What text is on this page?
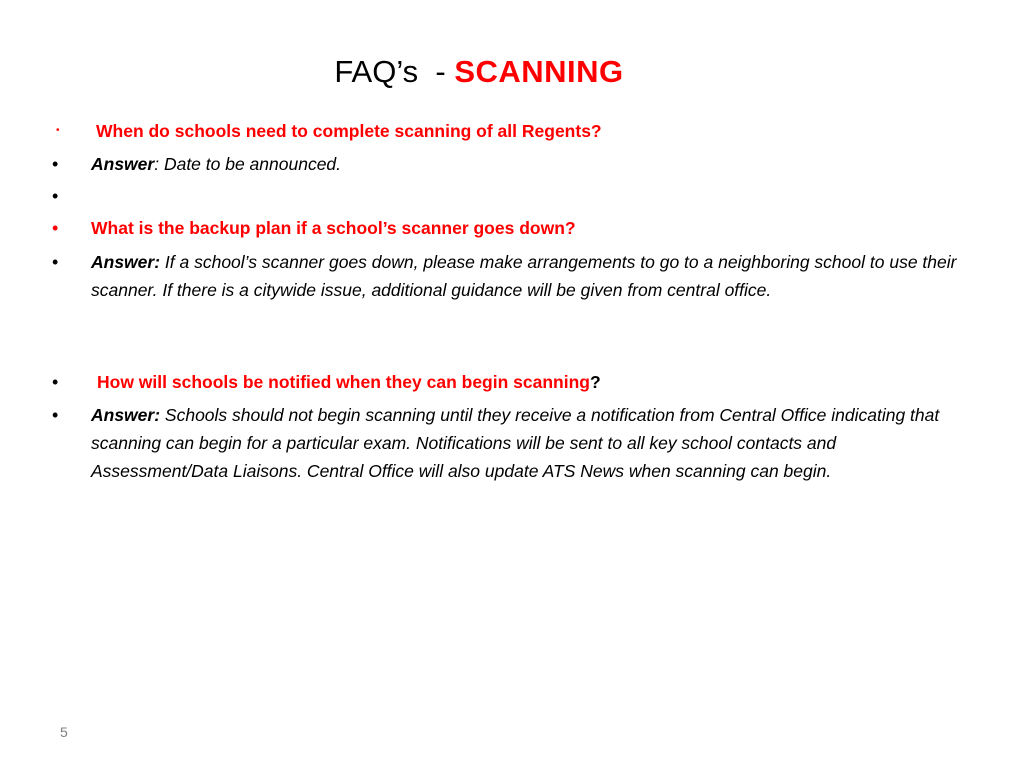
FAQ’s  - SCANNING
• When do schools need to complete scanning of all Regents?
• Answer: Date to be announced.
•
• What is the backup plan if a school’s scanner goes down?
• Answer: If a school’s scanner goes down, please make arrangements to go to a neighboring school to use their scanner. If there is a citywide issue, additional guidance will be given from central office.
• How will schools be notified when they can begin scanning?
• Answer: Schools should not begin scanning until they receive a notification from Central Office indicating that scanning can begin for a particular exam. Notifications will be sent to all key school contacts and Assessment/Data Liaisons. Central Office will also update ATS News when scanning can begin.
5
